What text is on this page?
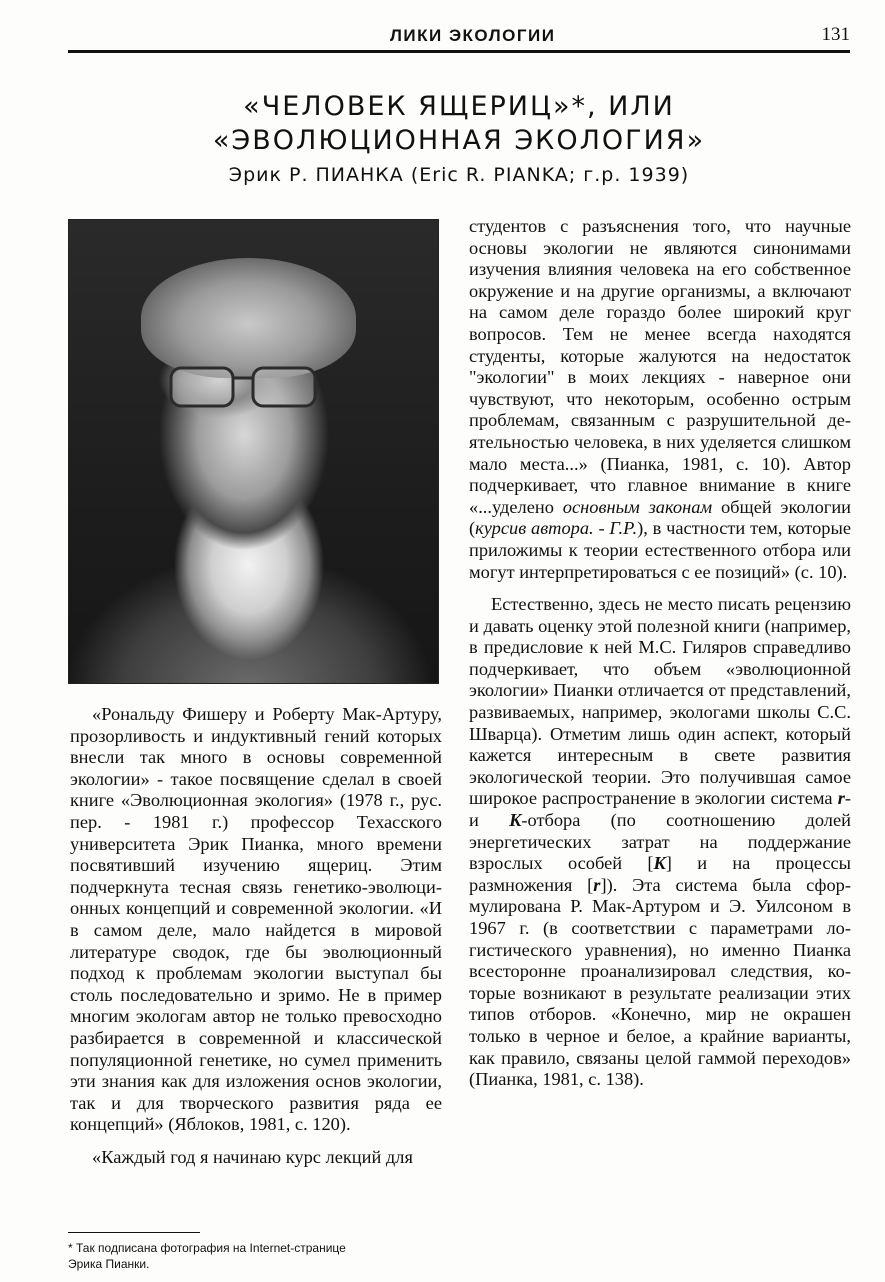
ЛИКИ ЭКОЛОГИИ	131
«ЧЕЛОВЕК ЯЩЕРИЦ»*, ИЛИ
«ЭВОЛЮЦИОННАЯ ЭКОЛОГИЯ»
Эрик Р. ПИАНКА (Eric R. PIANKA; г.р. 1939)

«Рональду Фишеру и Роберту Мак-Артуру, прозорливость и индуктивный гений которых внесли так много в основы современной экологии» - такое посвящение сделал в своей книге «Эволюционная экология» (1978 г., рус. пер. - 1981 г.) профессор Техасского университета Эрик Пианка, много времени посвятивший изучению ящериц. Этим подчеркнута тесная связь генетико-эволюционных концепций и современной экологии. «И в самом деле, мало найдется в мировой литературе сводок, где бы эволюционный подход к проблемам экологии выступал бы столь последовательно и зримо. Не в пример многим экологам автор не только превосходно разбирается в современной и классической популяционной генетике, но сумел применить эти знания как для изложения основ экологии, так и для творческого развития ряда ее концепций» (Яблоков, 1981, с. 120).

«Каждый год я начинаю курс лекций для

студентов с разъяснения того, что научные основы экологии не являются синонимами изучения влияния человека на его собственное окружение и на другие организмы, а включают на самом деле гораздо более широкий круг вопросов. Тем не менее всегда находятся студенты, которые жалуются на недостаток "экологии" в моих лекциях - наверное они чувствуют, что некоторым, особенно острым проблемам, связанным с разрушительной деятельностью человека, в них уделяется слишком мало места...» (Пианка, 1981, с. 10). Автор подчеркивает, что главное внимание в книге «...уделено основным законам общей экологии (курсив автора. - Г.Р.), в частности тем, которые приложимы к теории естественного отбора или могут интерпретироваться с ее позиций» (с. 10).

Естественно, здесь не место писать рецензию и давать оценку этой полезной книги (например, в предисловие к ней М.С. Гиляров справедливо подчеркивает, что объем «эволюционной экологии» Пианки отличается от представлений, развиваемых, например, экологами школы С.С. Шварца). Отметим лишь один аспект, который кажется интересным в свете развития экологической теории. Это получившая самое широкое распространение в экологии система r- и K-отбора (по соотношению долей энергетических затрат на поддержание взрослых особей [K] и на процессы размножения [r]). Эта система была сформулирована Р. Мак-Артуром и Э. Уилсоном в 1967 г. (в соответствии с параметрами логистического уравнения), но именно Пианка всесторонне проанализировал следствия, которые возникают в результате реализации этих типов отборов. «Конечно, мир не окрашен только в черное и белое, а крайние варианты, как правило, связаны целой гаммой переходов» (Пианка, 1981, с. 138).

* Так подписана фотография на Internet-странице
Эрика Пианки.
